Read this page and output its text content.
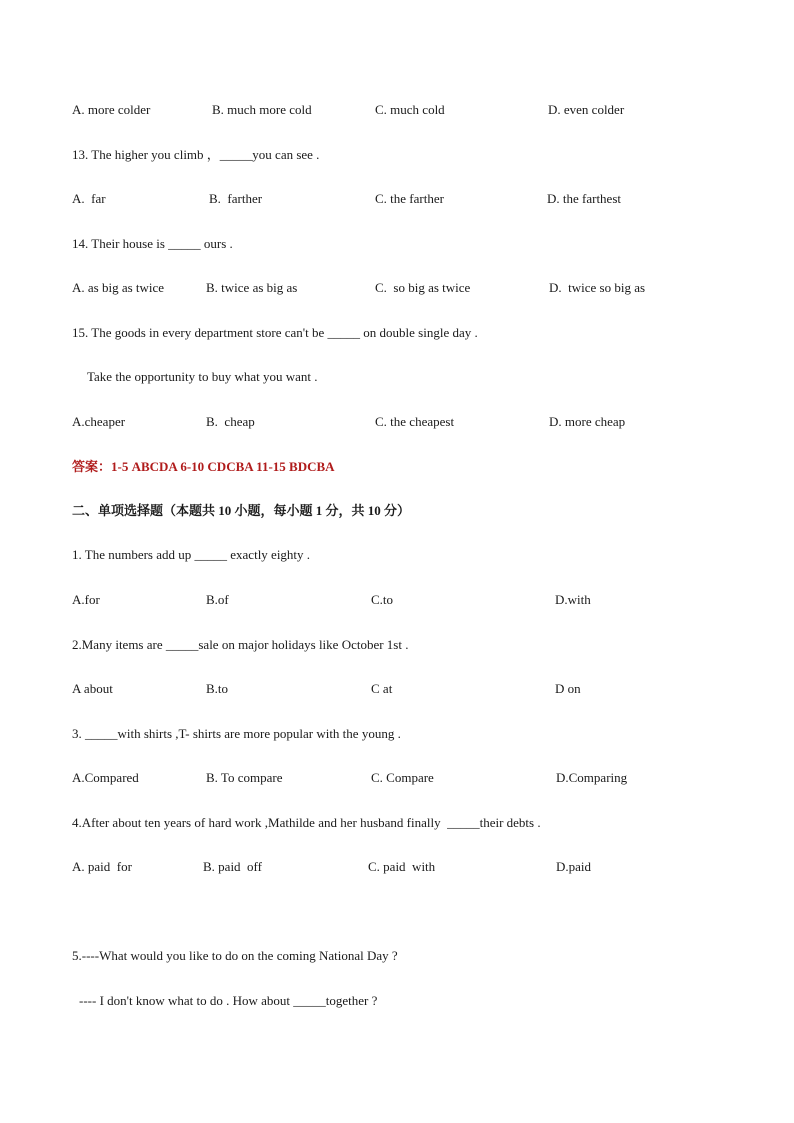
A. more colder	B. much more cold	C. much cold	D. even colder
13. The higher you climb ，_____you can see .
A.  far	B.  farther	C. the farther	D. the farthest
14. Their house is _____ ours .
A. as big as twice	B. twice as big as	C.  so big as twice	D.  twice so big as
15. The goods in every department store can't be _____ on double single day .
Take the opportunity to buy what you want .
A.cheaper	B.  cheap	C. the cheapest	D. more cheap
答案：1-5 ABCDA 6-10 CDCBA 11-15 BDCBA
二、单项选择题（本题共 10 小题，每小题 1 分，共 10 分）
1. The numbers add up _____ exactly eighty .
A.for	B.of	C.to	D.with
2.Many items are _____sale on major holidays like October 1st .
A about	B.to	C at	D on
3. _____with shirts ,T- shirts are more popular with the young .
A.Compared	B. To compare	C. Compare	D.Comparing
4.After about ten years of hard work ,Mathilde and her husband finally  _____their debts .
A. paid  for	B. paid  off	C. paid  with	D.paid
5.----What would you like to do on the coming National Day ?
---- I don't know what to do . How about _____together ?
